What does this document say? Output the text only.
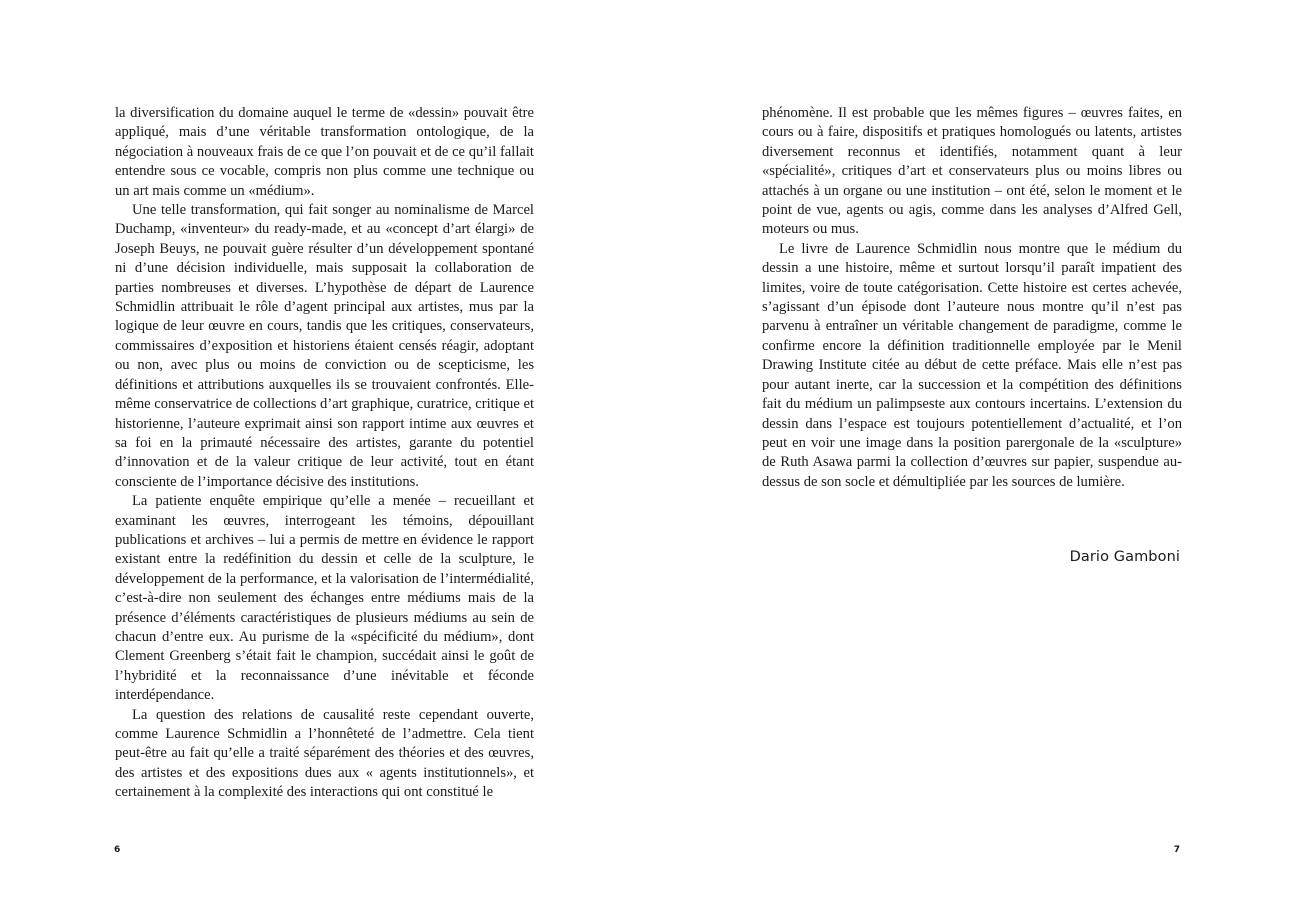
la diversification du domaine auquel le terme de «dessin» pouvait être appliqué, mais d’une véritable transformation ontologique, de la négociation à nouveaux frais de ce que l’on pouvait et de ce qu’il fallait entendre sous ce vocable, compris non plus comme une technique ou un art mais comme un «médium».

Une telle transformation, qui fait songer au nominalisme de Marcel Duchamp, «inventeur» du ready-made, et au «concept d’art élargi» de Joseph Beuys, ne pouvait guère résulter d’un développement spontané ni d’une décision individuelle, mais supposait la collaboration de parties nombreuses et diverses. L’hypothèse de départ de Laurence Schmidlin attribuait le rôle d’agent principal aux artistes, mus par la logique de leur œuvre en cours, tandis que les critiques, conservateurs, commissaires d’exposition et historiens étaient censés réagir, adoptant ou non, avec plus ou moins de conviction ou de scepticisme, les définitions et attributions auxquelles ils se trouvaient confrontés. Elle-même conservatrice de collections d’art graphique, curatrice, critique et historienne, l’auteure exprimait ainsi son rapport intime aux œuvres et sa foi en la primauté nécessaire des artistes, garante du potentiel d’innovation et de la valeur critique de leur activité, tout en étant consciente de l’importance décisive des institutions.

La patiente enquête empirique qu’elle a menée – recueillant et examinant les œuvres, interrogeant les témoins, dépouillant publications et archives – lui a permis de mettre en évidence le rapport existant entre la redéfinition du dessin et celle de la sculpture, le développement de la performance, et la valorisation de l’intermédialité, c’est-à-dire non seulement des échanges entre médiums mais de la présence d’éléments caractéristiques de plusieurs médiums au sein de chacun d’entre eux. Au purisme de la «spécificité du médium», dont Clement Greenberg s’était fait le champion, succédait ainsi le goût de l’hybridité et la reconnaissance d’une inévitable et féconde interdépendance.

La question des relations de causalité reste cependant ouverte, comme Laurence Schmidlin a l’honnêteté de l’admettre. Cela tient peut-être au fait qu’elle a traité séparément des théories et des œuvres, des artistes et des expositions dues aux « agents institutionnels», et certainement à la complexité des interactions qui ont constitué le

6

phénomène. Il est probable que les mêmes figures – œuvres faites, en cours ou à faire, dispositifs et pratiques homologués ou latents, artistes diversement reconnus et identifiés, notamment quant à leur «spécialité», critiques d’art et conservateurs plus ou moins libres ou attachés à un organe ou une institution – ont été, selon le moment et le point de vue, agents ou agis, comme dans les analyses d’Alfred Gell, moteurs ou mus.

Le livre de Laurence Schmidlin nous montre que le médium du dessin a une histoire, même et surtout lorsqu’il paraît impatient des limites, voire de toute catégorisation. Cette histoire est certes achevée, s’agissant d’un épisode dont l’auteure nous montre qu’il n’est pas parvenu à entraîner un véritable changement de paradigme, comme le confirme encore la définition traditionnelle employée par le Menil Drawing Institute citée au début de cette préface. Mais elle n’est pas pour autant inerte, car la succession et la compétition des définitions fait du médium un palimpseste aux contours incertains. L’extension du dessin dans l’espace est toujours potentiellement d’actualité, et l’on peut en voir une image dans la position parergonale de la «sculpture» de Ruth Asawa parmi la collection d’œuvres sur papier, suspendue au-dessus de son socle et démultipliée par les sources de lumière.

Dario Gamboni
7
